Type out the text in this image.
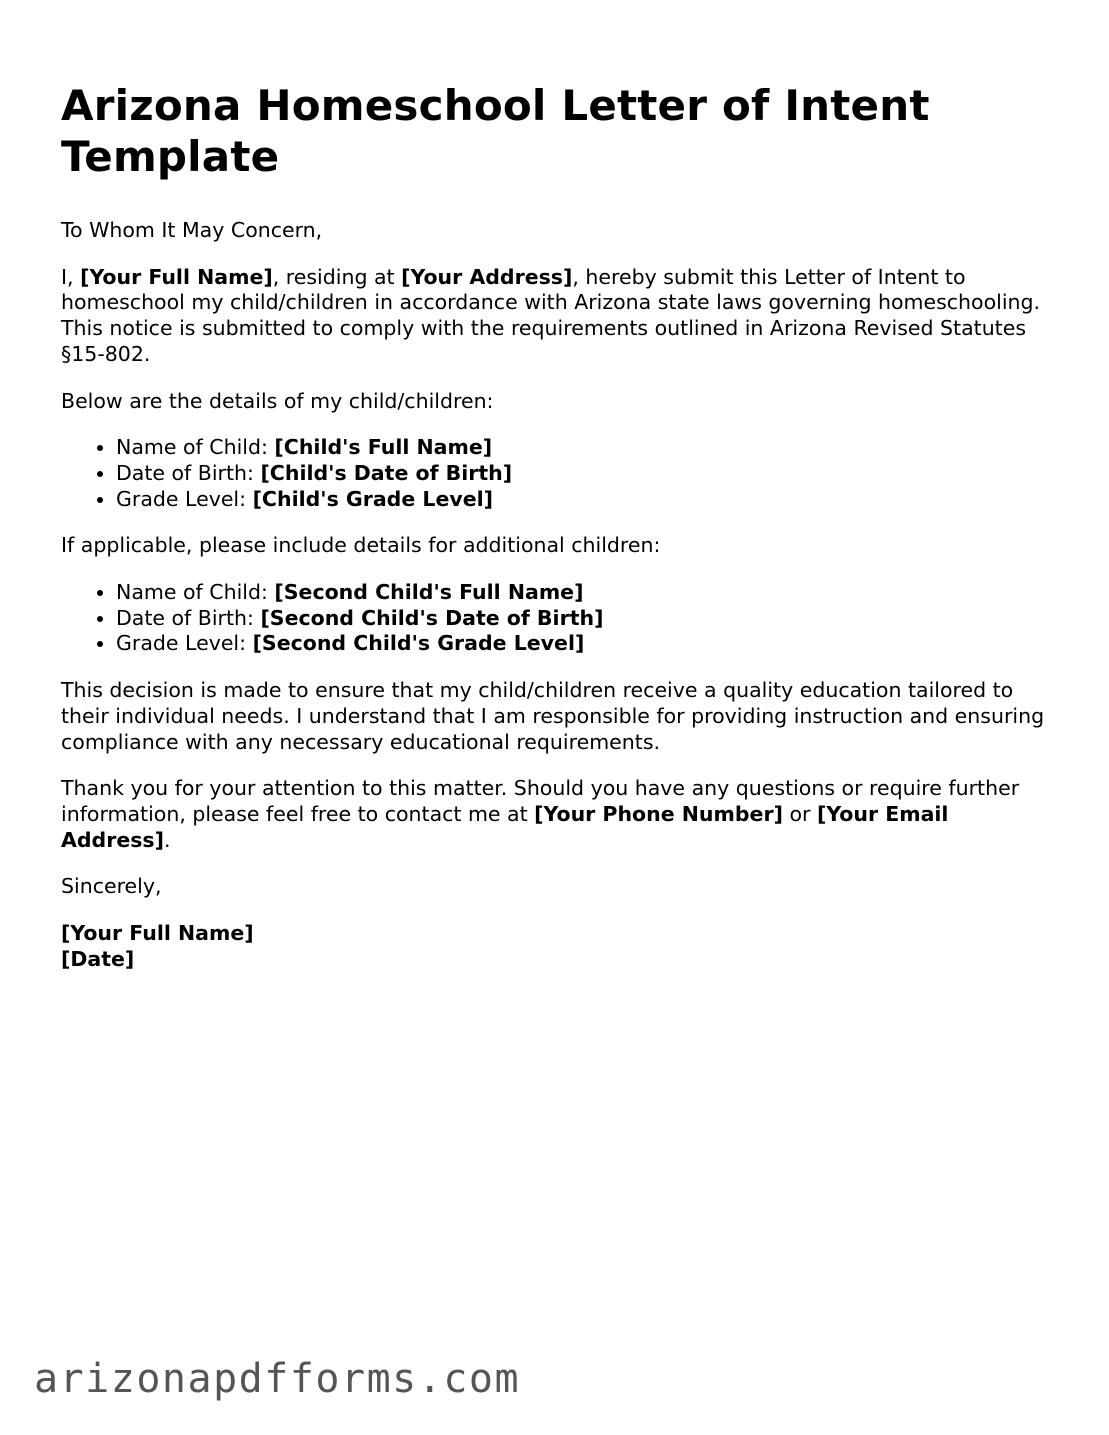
Arizona Homeschool Letter of Intent Template

To Whom It May Concern,

I, [Your Full Name], residing at [Your Address], hereby submit this Letter of Intent to homeschool my child/children in accordance with Arizona state laws governing homeschooling. This notice is submitted to comply with the requirements outlined in Arizona Revised Statutes §15-802.

Below are the details of my child/children:

• Name of Child: [Child's Full Name]
• Date of Birth: [Child's Date of Birth]
• Grade Level: [Child's Grade Level]

If applicable, please include details for additional children:

• Name of Child: [Second Child's Full Name]
• Date of Birth: [Second Child's Date of Birth]
• Grade Level: [Second Child's Grade Level]

This decision is made to ensure that my child/children receive a quality education tailored to their individual needs. I understand that I am responsible for providing instruction and ensuring compliance with any necessary educational requirements.

Thank you for your attention to this matter. Should you have any questions or require further information, please feel free to contact me at [Your Phone Number] or [Your Email Address].

Sincerely,

[Your Full Name]
[Date]

arizonapdfforms.com
